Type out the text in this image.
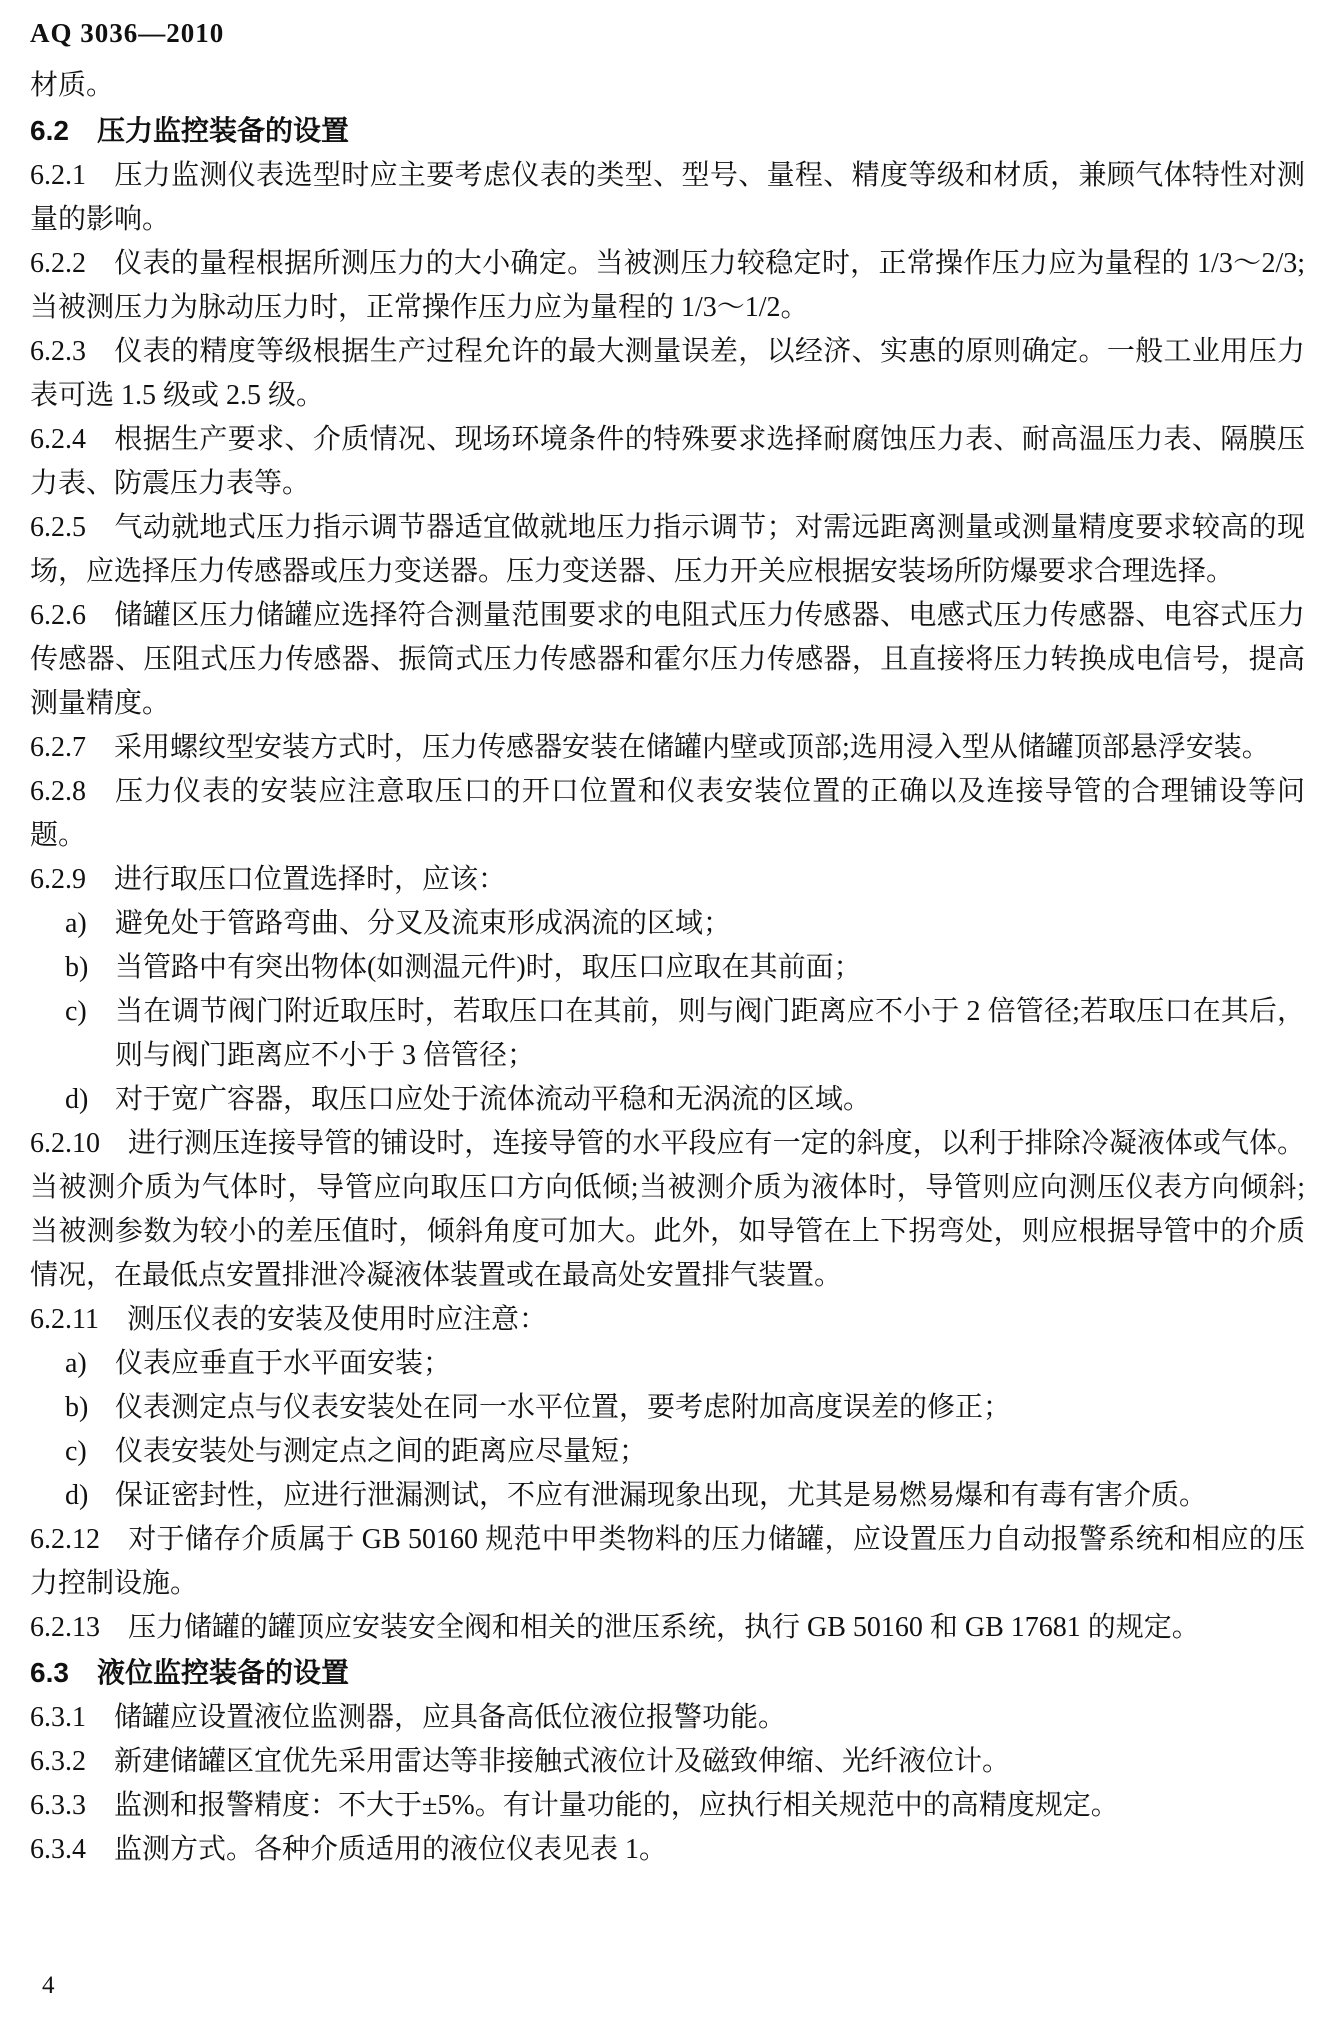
AQ 3036—2010

材质。

6.2 压力监控装备的设置

6.2.1 压力监测仪表选型时应主要考虑仪表的类型、型号、量程、精度等级和材质，兼顾气体特性对测量的影响。

6.2.2 仪表的量程根据所测压力的大小确定。当被测压力较稳定时，正常操作压力应为量程的 1/3～2/3;当被测压力为脉动压力时，正常操作压力应为量程的 1/3～1/2。

6.2.3 仪表的精度等级根据生产过程允许的最大测量误差，以经济、实惠的原则确定。一般工业用压力表可选 1.5 级或 2.5 级。

6.2.4 根据生产要求、介质情况、现场环境条件的特殊要求选择耐腐蚀压力表、耐高温压力表、隔膜压力表、防震压力表等。

6.2.5 气动就地式压力指示调节器适宜做就地压力指示调节；对需远距离测量或测量精度要求较高的现场，应选择压力传感器或压力变送器。压力变送器、压力开关应根据安装场所防爆要求合理选择。

6.2.6 储罐区压力储罐应选择符合测量范围要求的电阻式压力传感器、电感式压力传感器、电容式压力传感器、压阻式压力传感器、振筒式压力传感器和霍尔压力传感器，且直接将压力转换成电信号，提高测量精度。

6.2.7 采用螺纹型安装方式时，压力传感器安装在储罐内壁或顶部;选用浸入型从储罐顶部悬浮安装。

6.2.8 压力仪表的安装应注意取压口的开口位置和仪表安装位置的正确以及连接导管的合理铺设等问题。

6.2.9 进行取压口位置选择时，应该：

a) 避免处于管路弯曲、分叉及流束形成涡流的区域；

b) 当管路中有突出物体(如测温元件)时，取压口应取在其前面；

c) 当在调节阀门附近取压时，若取压口在其前，则与阀门距离应不小于 2 倍管径;若取压口在其后，则与阀门距离应不小于 3 倍管径；

d) 对于宽广容器，取压口应处于流体流动平稳和无涡流的区域。

6.2.10 进行测压连接导管的铺设时，连接导管的水平段应有一定的斜度，以利于排除冷凝液体或气体。当被测介质为气体时，导管应向取压口方向低倾;当被测介质为液体时，导管则应向测压仪表方向倾斜;当被测参数为较小的差压值时，倾斜角度可加大。此外，如导管在上下拐弯处，则应根据导管中的介质情况，在最低点安置排泄冷凝液体装置或在最高处安置排气装置。

6.2.11 测压仪表的安装及使用时应注意：

a) 仪表应垂直于水平面安装；

b) 仪表测定点与仪表安装处在同一水平位置，要考虑附加高度误差的修正；

c) 仪表安装处与测定点之间的距离应尽量短；

d) 保证密封性，应进行泄漏测试，不应有泄漏现象出现，尤其是易燃易爆和有毒有害介质。

6.2.12 对于储存介质属于 GB 50160 规范中甲类物料的压力储罐，应设置压力自动报警系统和相应的压力控制设施。

6.2.13 压力储罐的罐顶应安装安全阀和相关的泄压系统，执行 GB 50160 和 GB 17681 的规定。

6.3 液位监控装备的设置

6.3.1 储罐应设置液位监测器，应具备高低位液位报警功能。

6.3.2 新建储罐区宜优先采用雷达等非接触式液位计及磁致伸缩、光纤液位计。

6.3.3 监测和报警精度：不大于±5%。有计量功能的，应执行相关规范中的高精度规定。

6.3.4 监测方式。各种介质适用的液位仪表见表 1。

4
